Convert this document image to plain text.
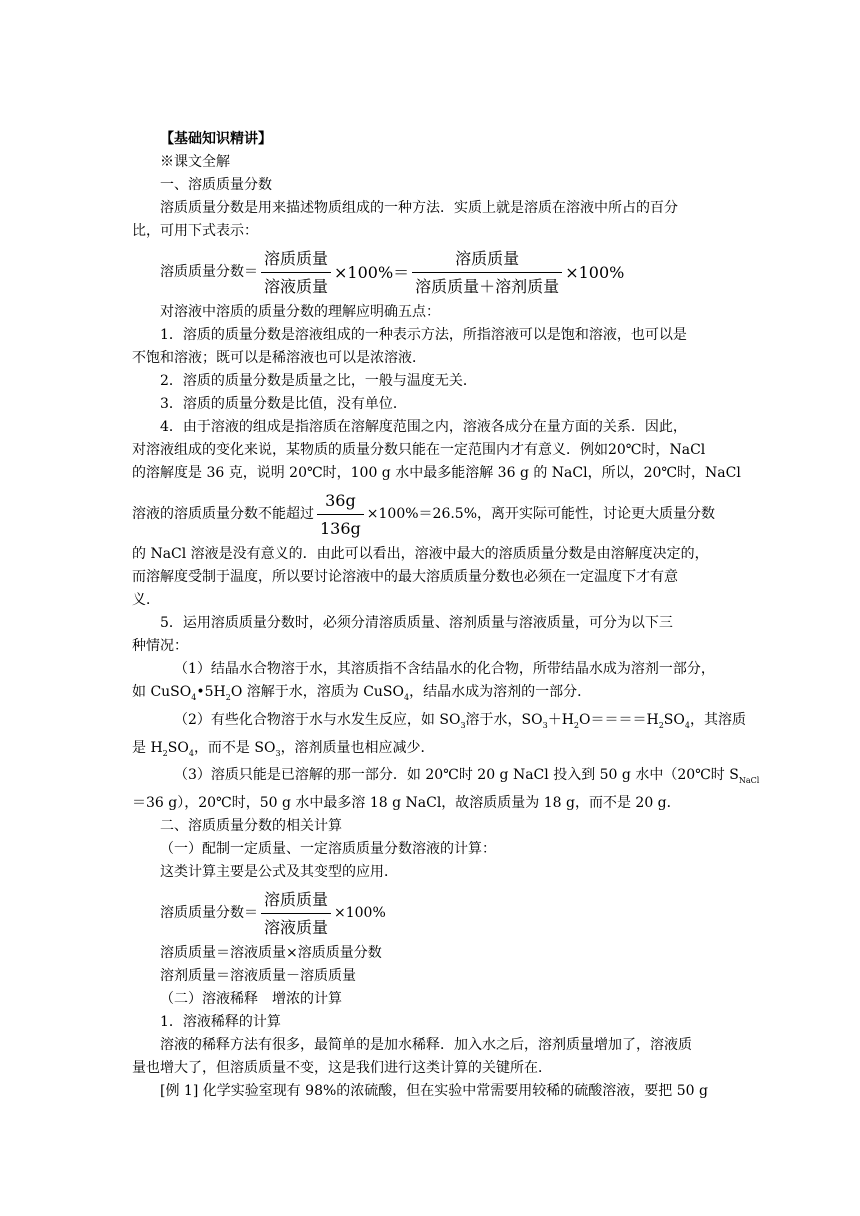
【基础知识精讲】
※课文全解
一、溶质质量分数
溶质质量分数是用来描述物质组成的一种方法．实质上就是溶质在溶液中所占的百分
比，可用下式表示：
溶质质量分数＝ $\frac{\text{溶质质量}}{\text{溶液质量}} \times 100\%= \frac{\text{溶质质量}}{\text{溶质质量＋溶剂质量}} \times 100\%$
对溶液中溶质的质量分数的理解应明确五点：
1．溶质的质量分数是溶液组成的一种表示方法，所指溶液可以是饱和溶液，也可以是
不饱和溶液；既可以是稀溶液也可以是浓溶液．
2．溶质的质量分数是质量之比，一般与温度无关．
3．溶质的质量分数是比值，没有单位．
4．由于溶液的组成是指溶质在溶解度范围之内，溶液各成分在量方面的关系．因此，
对溶液组成的变化来说，某物质的质量分数只能在一定范围内才有意义．例如20℃时，NaCl
的溶解度是 36 克，说明 20℃时，100 g 水中最多能溶解 36 g 的 NaCl，所以，20℃时，NaCl
溶液的溶质质量分数不能超过 $\frac{36g}{136g} \times 100\%=26.5\%$，离开实际可能性，讨论更大质量分数
的 NaCl 溶液是没有意义的．由此可以看出，溶液中最大的溶质质量分数是由溶解度决定的，
而溶解度受制于温度，所以要讨论溶液中的最大溶质质量分数也必须在一定温度下才有意
义．
5．运用溶质质量分数时，必须分清溶质质量、溶剂质量与溶液质量，可分为以下三
种情况：
（1）结晶水合物溶于水，其溶质指不含结晶水的化合物，所带结晶水成为溶剂一部分，
如 $CuSO_4•5H_2O$ 溶解于水，溶质为 CuSO$_4$，结晶水成为溶剂的一部分．
（2）有些化合物溶于水与水发生反应，如 $SO_3$溶于水，$SO_3+H_2O====H_2SO_4$，其溶质
是 $H_2SO_4$，而不是 $SO_3$，溶剂质量也相应减少．
（3）溶质只能是已溶解的那一部分．如 20℃时 20 g NaCl 投入到 50 g 水中（20℃时 $S_{NaCl}$
＝36 g），20℃时，50 g 水中最多溶 18 g NaCl，故溶质质量为 18 g，而不是 20 g．
二、溶质质量分数的相关计算
（一）配制一定质量、一定溶质质量分数溶液的计算：
这类计算主要是公式及其变型的应用．
溶质质量分数＝ $\frac{\text{溶质质量}}{\text{溶液质量}} \times 100\%$
溶质质量＝溶液质量×溶质质量分数
溶剂质量＝溶液质量－溶质质量
（二）溶液稀释　增浓的计算
1．溶液稀释的计算
溶液的稀释方法有很多，最简单的是加水稀释．加入水之后，溶剂质量增加了，溶液质
量也增大了，但溶质质量不变，这是我们进行这类计算的关键所在．
[例 1] 化学实验室现有 98%的浓硫酸，但在实验中常需要用较稀的硫酸溶液，要把 50 g
